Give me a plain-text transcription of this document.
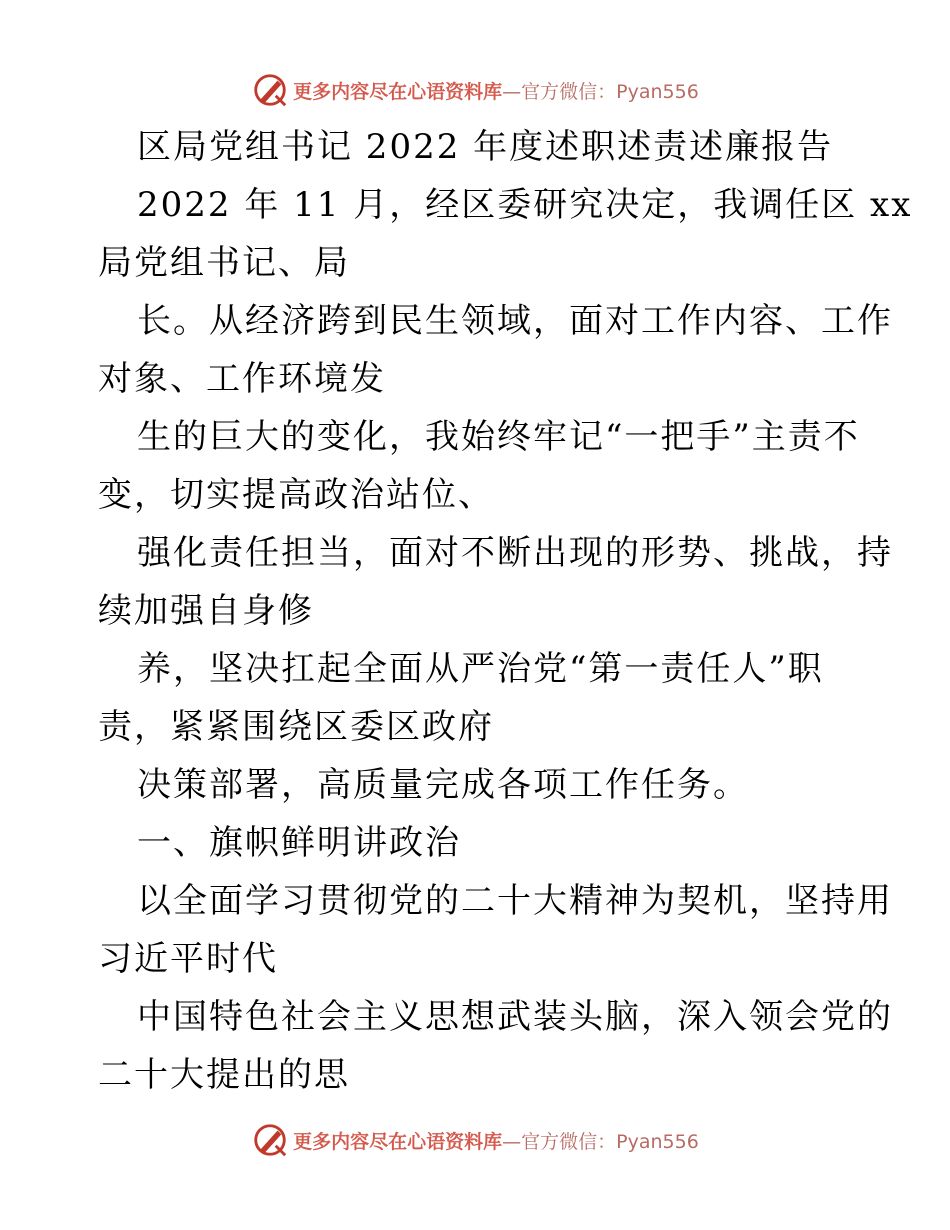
更多内容尽在心语资料库—官方微信：Pyan556
区局党组书记 2022 年度述职述责述廉报告
2022 年 11 月，经区委研究决定，我调任区 xx
局党组书记、局
长。从经济跨到民生领域，面对工作内容、工作
对象、工作环境发
生的巨大的变化，我始终牢记“一把手”主责不
变，切实提高政治站位、
强化责任担当，面对不断出现的形势、挑战，持
续加强自身修
养，坚决扛起全面从严治党“第一责任人”职
责，紧紧围绕区委区政府
决策部署，高质量完成各项工作任务。
一、旗帜鲜明讲政治
以全面学习贯彻党的二十大精神为契机，坚持用
习近平时代
中国特色社会主义思想武装头脑，深入领会党的
二十大提出的思
更多内容尽在心语资料库—官方微信：Pyan556
